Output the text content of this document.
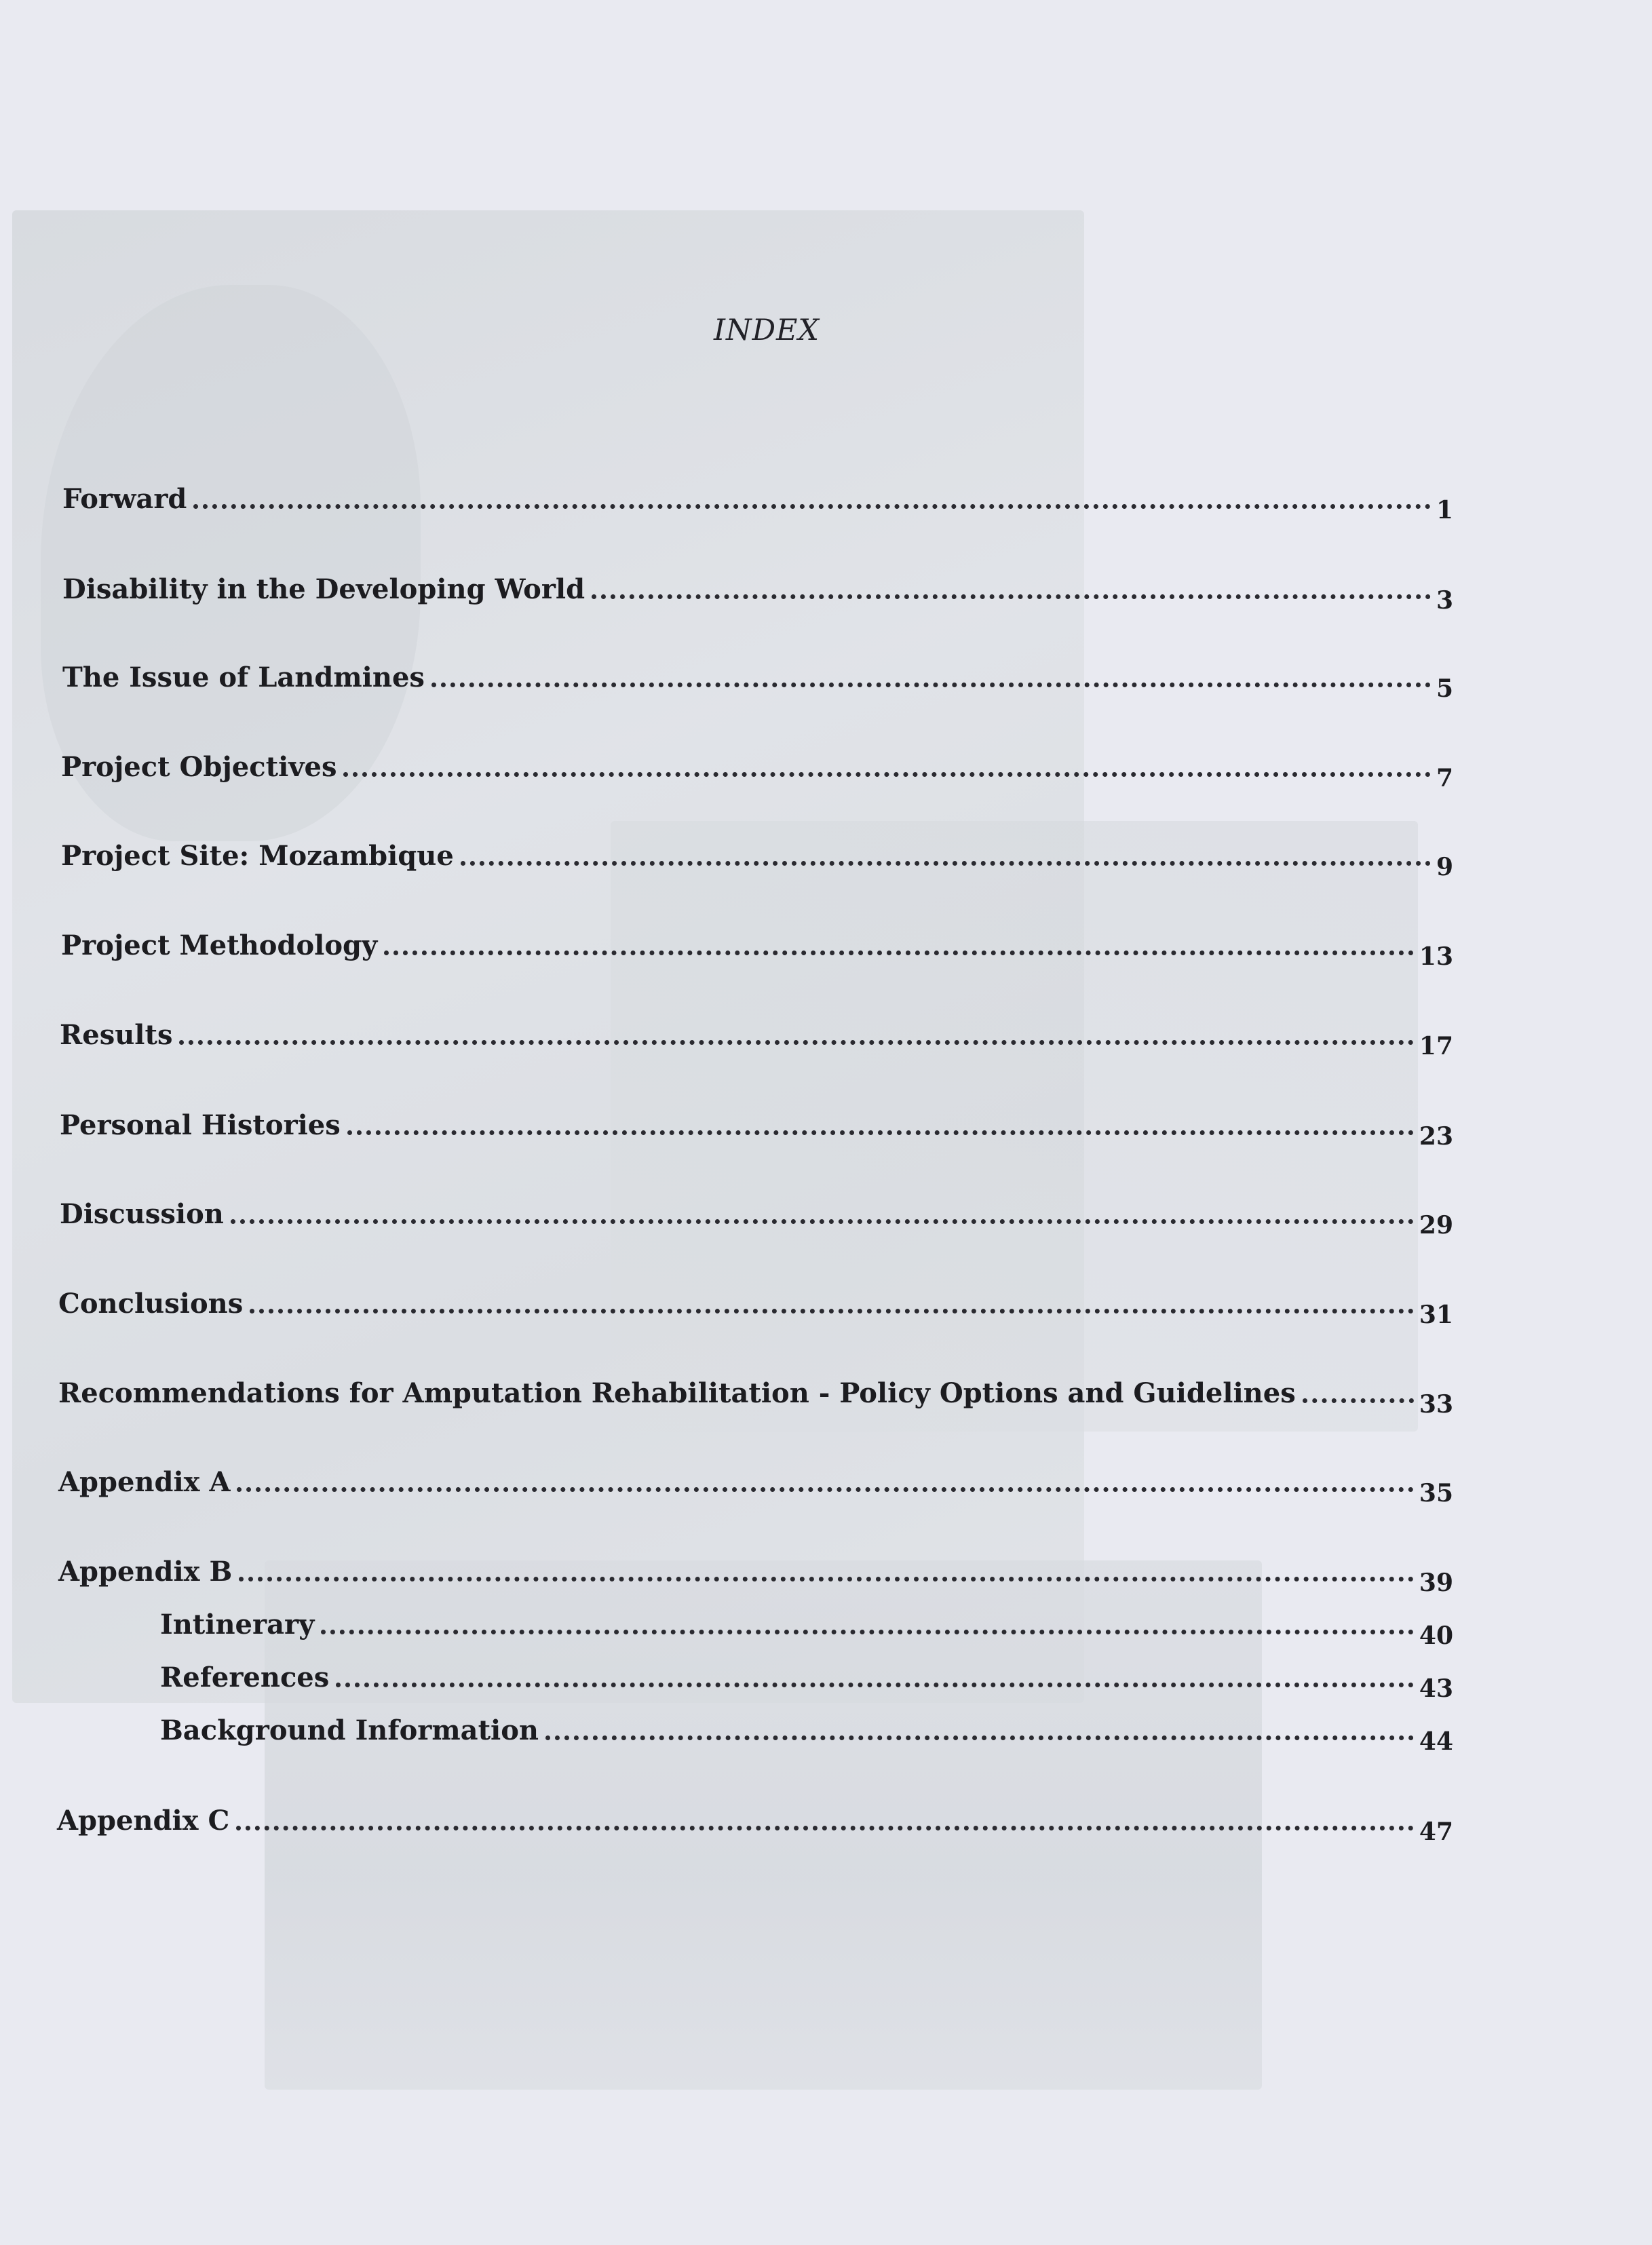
INDEX
Forward	1
Disability in the Developing World	3
The Issue of Landmines	5
Project Objectives	7
Project Site: Mozambique	9
Project Methodology	13
Results	17
Personal Histories	23
Discussion	29
Conclusions	31
Recommendations for Amputation Rehabilitation - Policy Options and Guidelines	33
Appendix A	35
Appendix B	39
Intinerary	40
References	43
Background Information	44
Appendix C	47
